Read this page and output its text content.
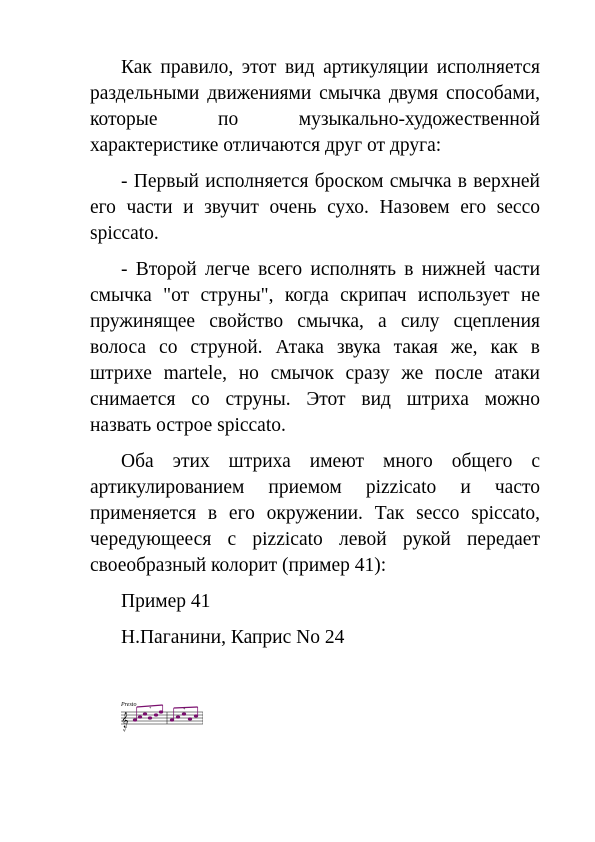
Как правило, этот вид артикуляции исполняется раздельными движениями смычка двумя способами, которые по музыкально-художественной характеристике отличаются друг от друга:

- Первый исполняется броском смычка в верхней его части и звучит очень сухо. Назовем его secco spiccato.

- Второй легче всего исполнять в нижней части смычка "от струны", когда скрипач использует не пружинящее свойство смычка, а силу сцепления волоса со струной. Атака звука такая же, как в штрихе martele, но смычок сразу же после атаки снимается со струны. Этот вид штриха можно назвать острое spiccato.

Оба этих штриха имеют много общего с артикулированием приемом pizzicato и часто применяется в его окружении. Так secco spiccato, чередующееся с pizzicato левой рукой передает своеобразный колорит (пример 41):

Пример 41

Н.Паганини, Каприс No 24

Presto
𝄞
+	+
sf
